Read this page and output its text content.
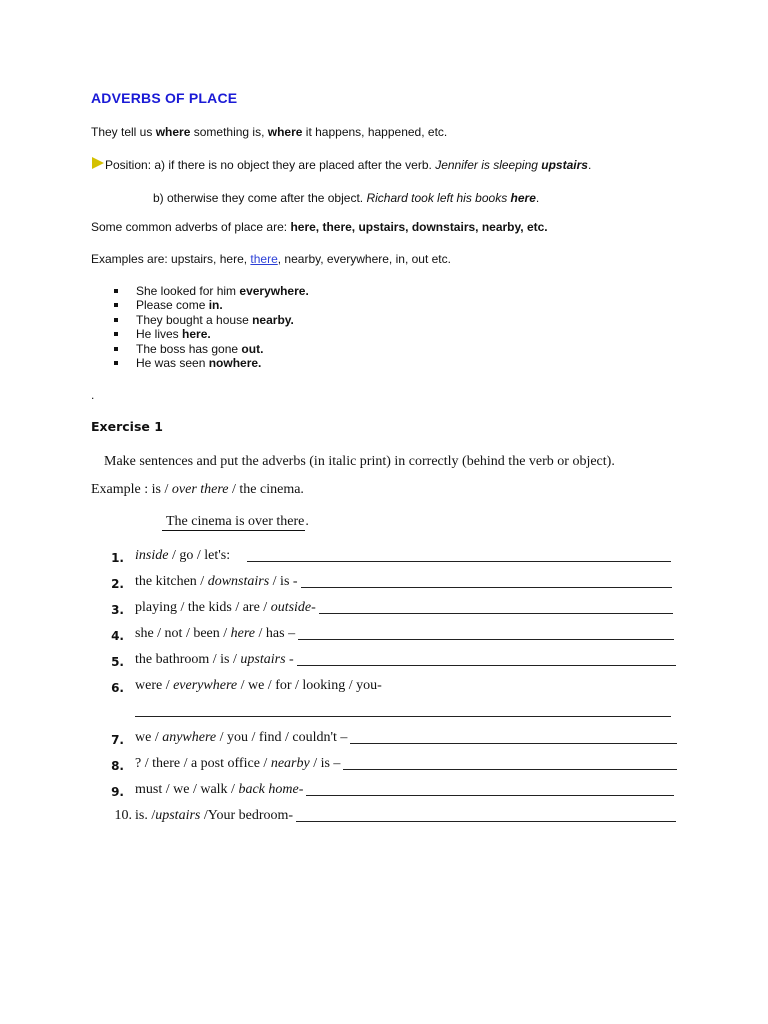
ADVERBS OF PLACE
They tell us where something is, where it happens, happened, etc.
Position: a) if there is no object they are placed after the verb. Jennifer is sleeping upstairs.
b) otherwise they come after the object. Richard took left his books here.
Some common adverbs of place are: here, there, upstairs, downstairs, nearby, etc.
Examples are: upstairs, here, there, nearby, everywhere, in, out etc.
She looked for him everywhere.
Please come in.
They bought a house nearby.
He lives here.
The boss has gone out.
He was seen nowhere.
.
Exercise 1
Make sentences and put the adverbs (in italic print) in correctly (behind the verb or object).
Example : is / over there / the cinema.
The cinema is over there.
1. inside / go / let's:
2. the kitchen / downstairs / is -
3. playing / the kids / are / outside-
4. she / not / been / here / has –
5. the bathroom / is / upstairs -
6. were / everywhere / we / for / looking / you-
7. we / anywhere / you / find / couldn't –
8. ? / there / a post office / nearby / is –
9. must / we / walk / back home-
10. is. /upstairs /Your bedroom-
